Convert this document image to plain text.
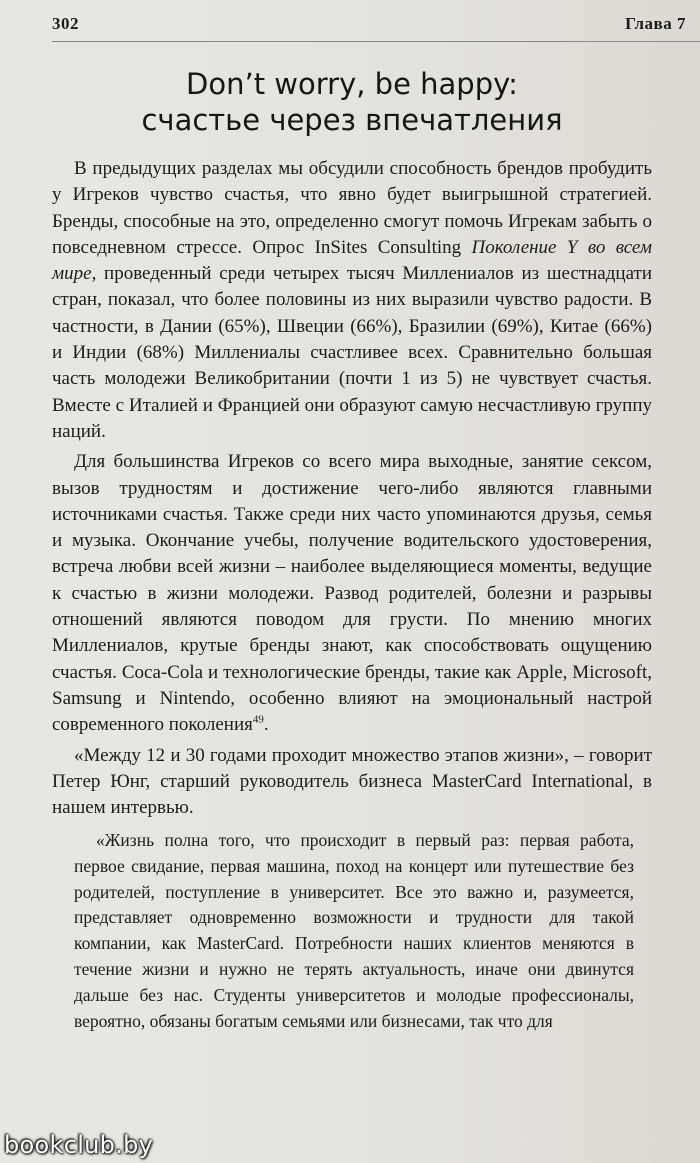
302	Глава 7
Don’t worry, be happy:
счастье через впечатления

В предыдущих разделах мы обсудили способность брендов пробудить у Игреков чувство счастья, что явно будет выигрышной стратегией. Бренды, способные на это, определенно смогут помочь Игрекам забыть о повседневном стрессе. Опрос InSites Consulting Поколение Y во всем мире, проведенный среди четырех тысяч Миллениалов из шестнадцати стран, показал, что более половины из них выразили чувство радости. В частности, в Дании (65%), Швеции (66%), Бразилии (69%), Китае (66%) и Индии (68%) Миллениалы счастливее всех. Сравнительно большая часть молодежи Великобритании (почти 1 из 5) не чувствует счастья. Вместе с Италией и Францией они образуют самую несчастливую группу наций.

Для большинства Игреков со всего мира выходные, занятие сексом, вызов трудностям и достижение чего-либо являются главными источниками счастья. Также среди них часто упоминаются друзья, семья и музыка. Окончание учебы, получение водительского удостоверения, встреча любви всей жизни – наиболее выделяющиеся моменты, ведущие к счастью в жизни молодежи. Развод родителей, болезни и разрывы отношений являются поводом для грусти. По мнению многих Миллениалов, крутые бренды знают, как способствовать ощущению счастья. Coca-Cola и технологические бренды, такие как Apple, Microsoft, Samsung и Nintendo, особенно влияют на эмоциональный настрой современного поколения$^{49}$.

«Между 12 и 30 годами проходит множество этапов жизни», – говорит Петер Юнг, старший руководитель бизнеса MasterCard International, в нашем интервью.

«Жизнь полна того, что происходит в первый раз: первая работа, первое свидание, первая машина, поход на концерт или путешествие без родителей, поступление в университет. Все это важно и, разумеется, представляет одновременно возможности и трудности для такой компании, как MasterCard. Потребности наших клиентов меняются в течение жизни и нужно не терять актуальность, иначе они двинутся дальше без нас. Студенты университетов и молодые профессионалы, вероятно, обязаны богатым семьями или бизнесами, так что для

bookclub.by
